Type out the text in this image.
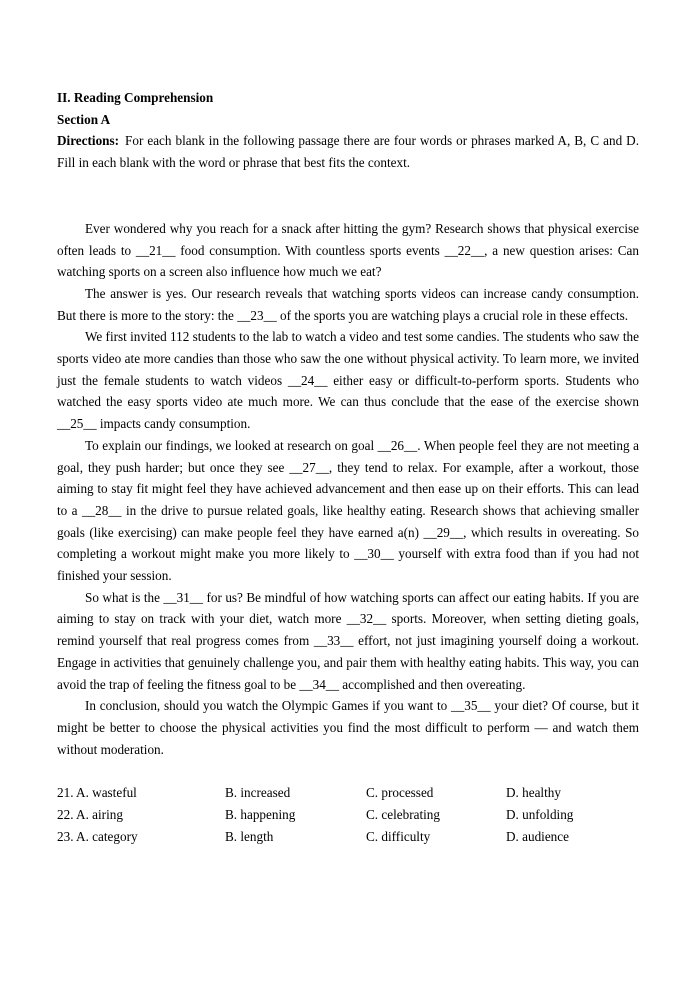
II. Reading Comprehension
Section A

Directions: For each blank in the following passage there are four words or phrases marked A, B, C and D. Fill in each blank with the word or phrase that best fits the context.

Ever wondered why you reach for a snack after hitting the gym? Research shows that physical exercise often leads to __21__ food consumption. With countless sports events __22__, a new question arises: Can watching sports on a screen also influence how much we eat?

The answer is yes. Our research reveals that watching sports videos can increase candy consumption. But there is more to the story: the __23__ of the sports you are watching plays a crucial role in these effects.

We first invited 112 students to the lab to watch a video and test some candies. The students who saw the sports video ate more candies than those who saw the one without physical activity. To learn more, we invited just the female students to watch videos __24__ either easy or difficult-to-perform sports. Students who watched the easy sports video ate much more. We can thus conclude that the ease of the exercise shown __25__ impacts candy consumption.

To explain our findings, we looked at research on goal __26__. When people feel they are not meeting a goal, they push harder; but once they see __27__, they tend to relax. For example, after a workout, those aiming to stay fit might feel they have achieved advancement and then ease up on their efforts. This can lead to a __28__ in the drive to pursue related goals, like healthy eating. Research shows that achieving smaller goals (like exercising) can make people feel they have earned a(n) __29__, which results in overeating. So completing a workout might make you more likely to __30__ yourself with extra food than if you had not finished your session.

So what is the __31__ for us? Be mindful of how watching sports can affect our eating habits. If you are aiming to stay on track with your diet, watch more __32__ sports. Moreover, when setting dieting goals, remind yourself that real progress comes from __33__ effort, not just imagining yourself doing a workout. Engage in activities that genuinely challenge you, and pair them with healthy eating habits. This way, you can avoid the trap of feeling the fitness goal to be __34__ accomplished and then overeating.

In conclusion, should you watch the Olympic Games if you want to __35__ your diet? Of course, but it might be better to choose the physical activities you find the most difficult to perform — and watch them without moderation.

21. A. wasteful	B. increased	C. processed	D. healthy
22. A. airing	B. happening	C. celebrating	D. unfolding
23. A. category	B. length	C. difficulty	D. audience
